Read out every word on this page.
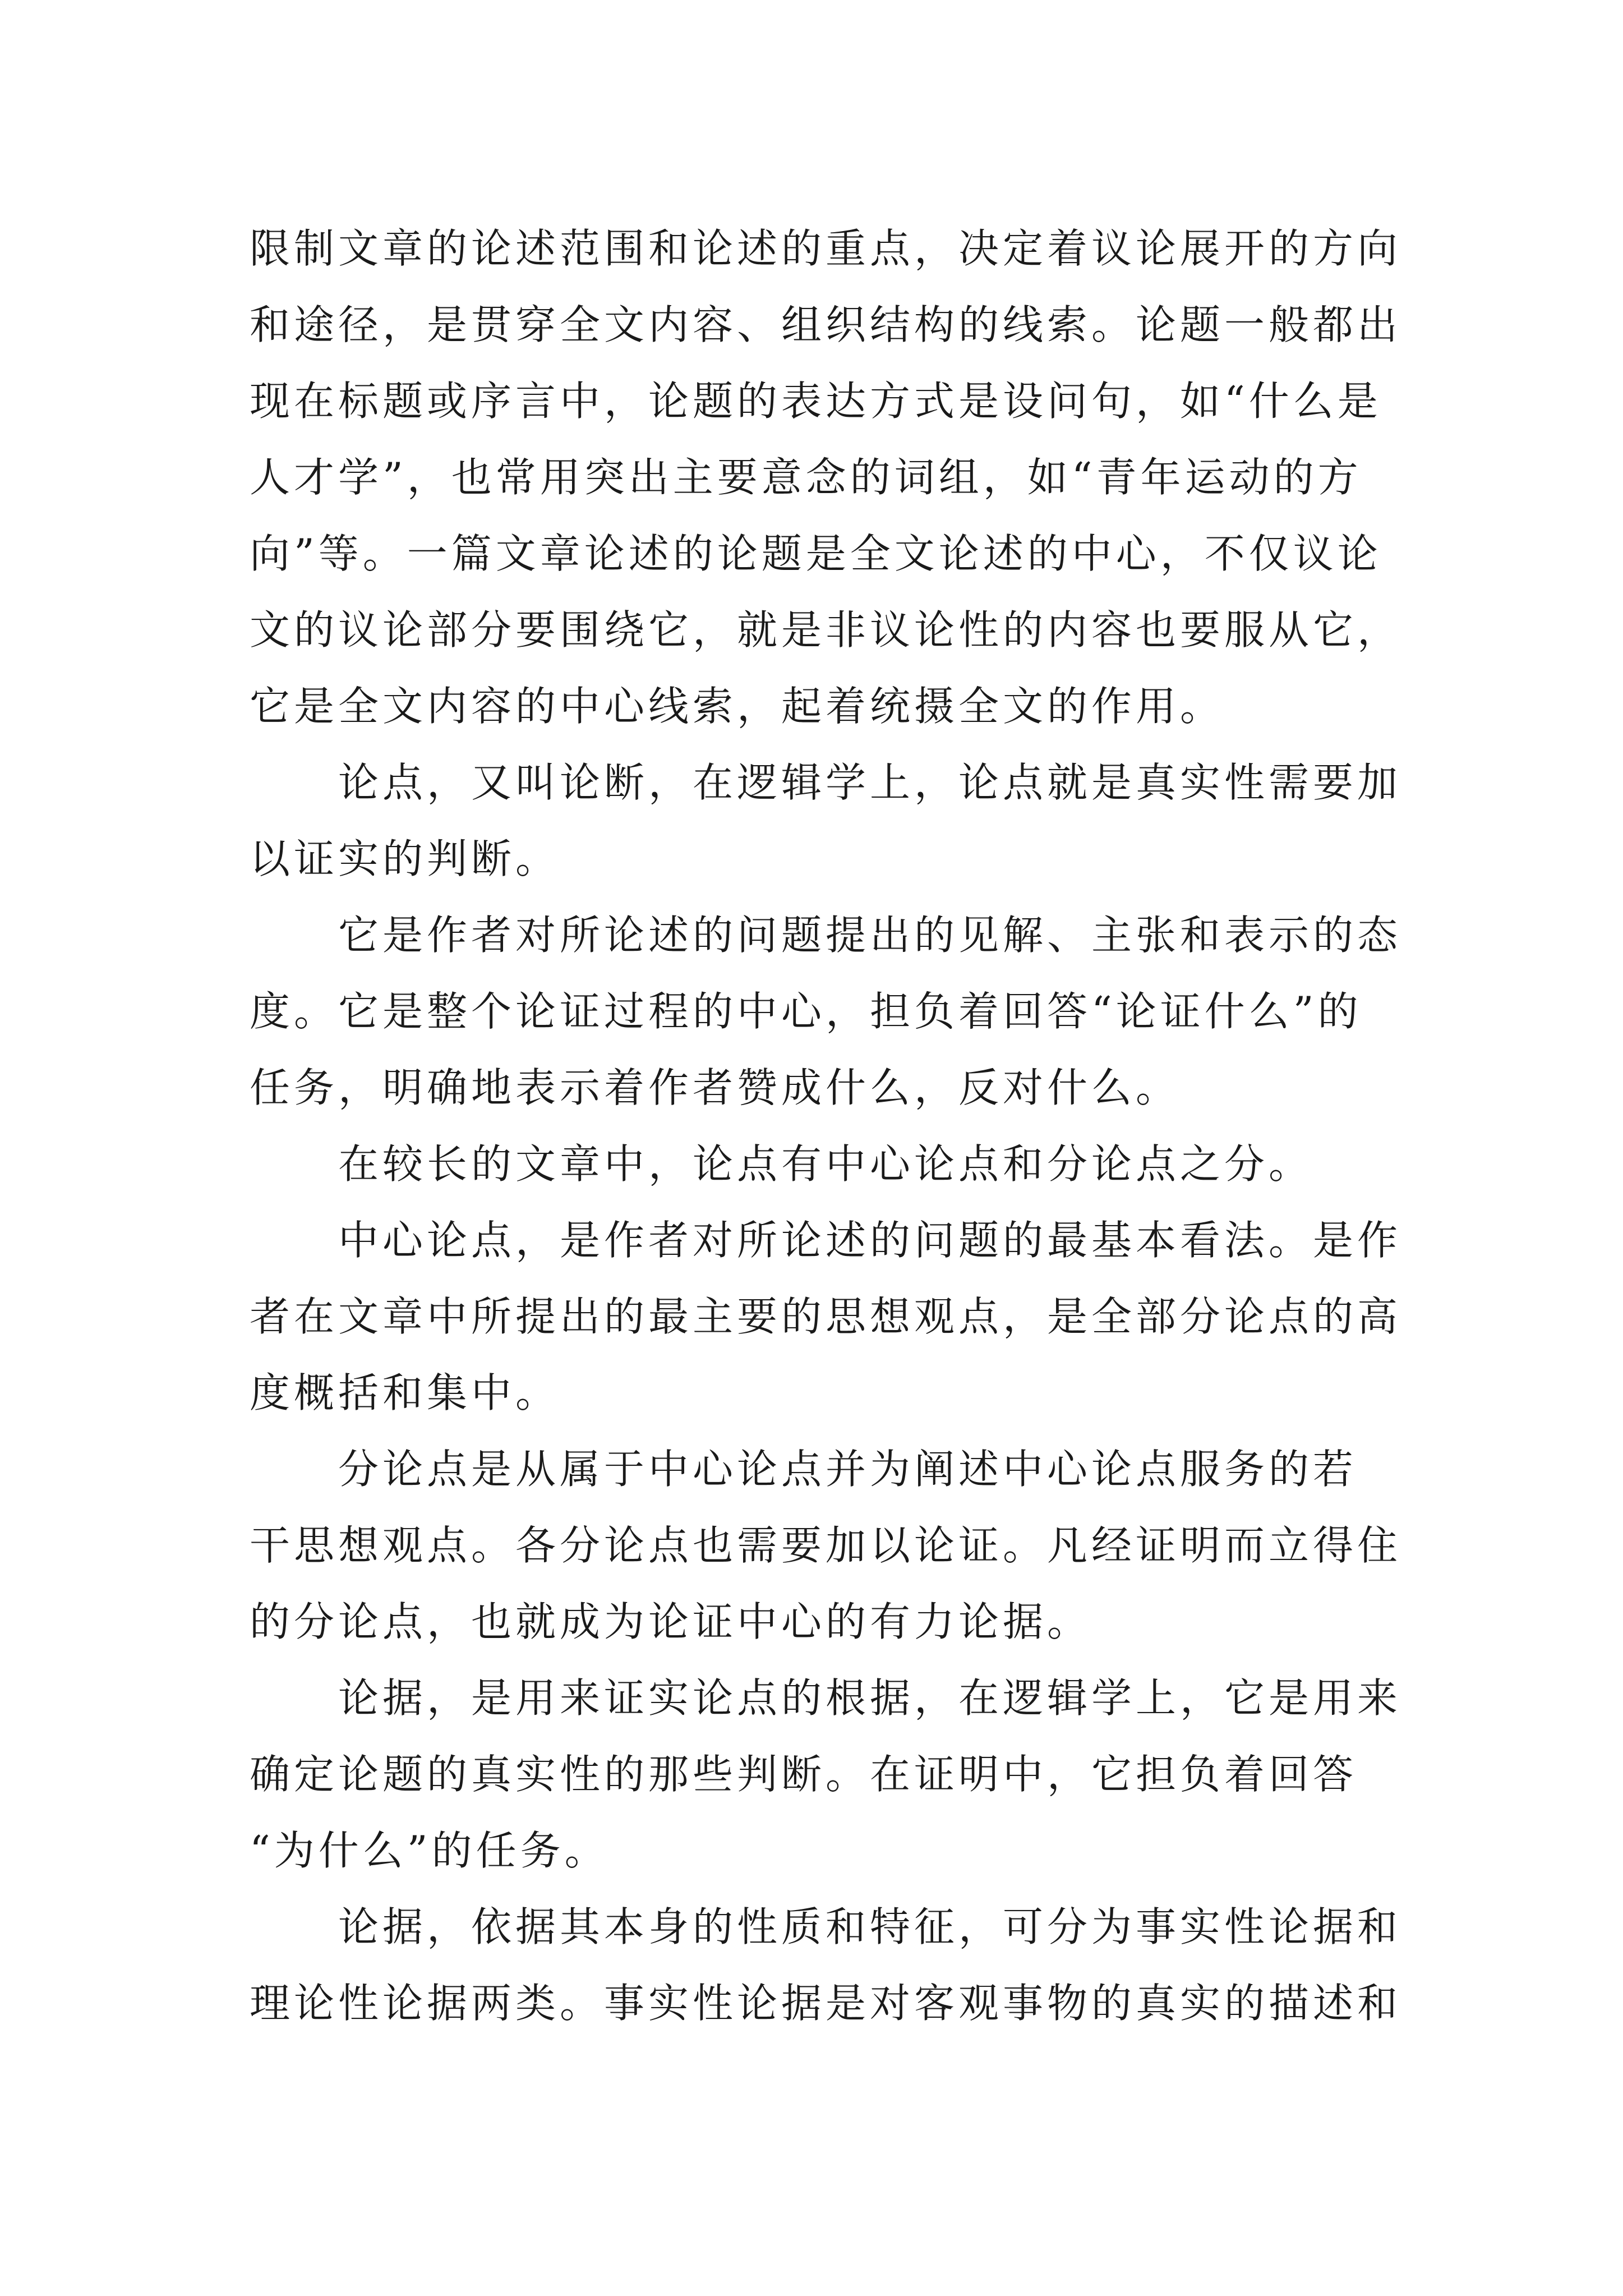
限制文章的论述范围和论述的重点，决定着议论展开的方向
和途径，是贯穿全文内容、组织结构的线索。论题一般都出
现在标题或序言中，论题的表达方式是设问句，如“什么是
人才学”，也常用突出主要意念的词组，如“青年运动的方
向”等。一篇文章论述的论题是全文论述的中心，不仅议论
文的议论部分要围绕它，就是非议论性的内容也要服从它，
它是全文内容的中心线索，起着统摄全文的作用。
论点，又叫论断，在逻辑学上，论点就是真实性需要加
以证实的判断。
它是作者对所论述的问题提出的见解、主张和表示的态
度。它是整个论证过程的中心，担负着回答“论证什么”的
任务，明确地表示着作者赞成什么，反对什么。
在较长的文章中，论点有中心论点和分论点之分。
中心论点，是作者对所论述的问题的最基本看法。是作
者在文章中所提出的最主要的思想观点，是全部分论点的高
度概括和集中。
分论点是从属于中心论点并为阐述中心论点服务的若
干思想观点。各分论点也需要加以论证。凡经证明而立得住
的分论点，也就成为论证中心的有力论据。
论据，是用来证实论点的根据，在逻辑学上，它是用来
确定论题的真实性的那些判断。在证明中，它担负着回答
“为什么”的任务。
论据，依据其本身的性质和特征，可分为事实性论据和
理论性论据两类。事实性论据是对客观事物的真实的描述和
